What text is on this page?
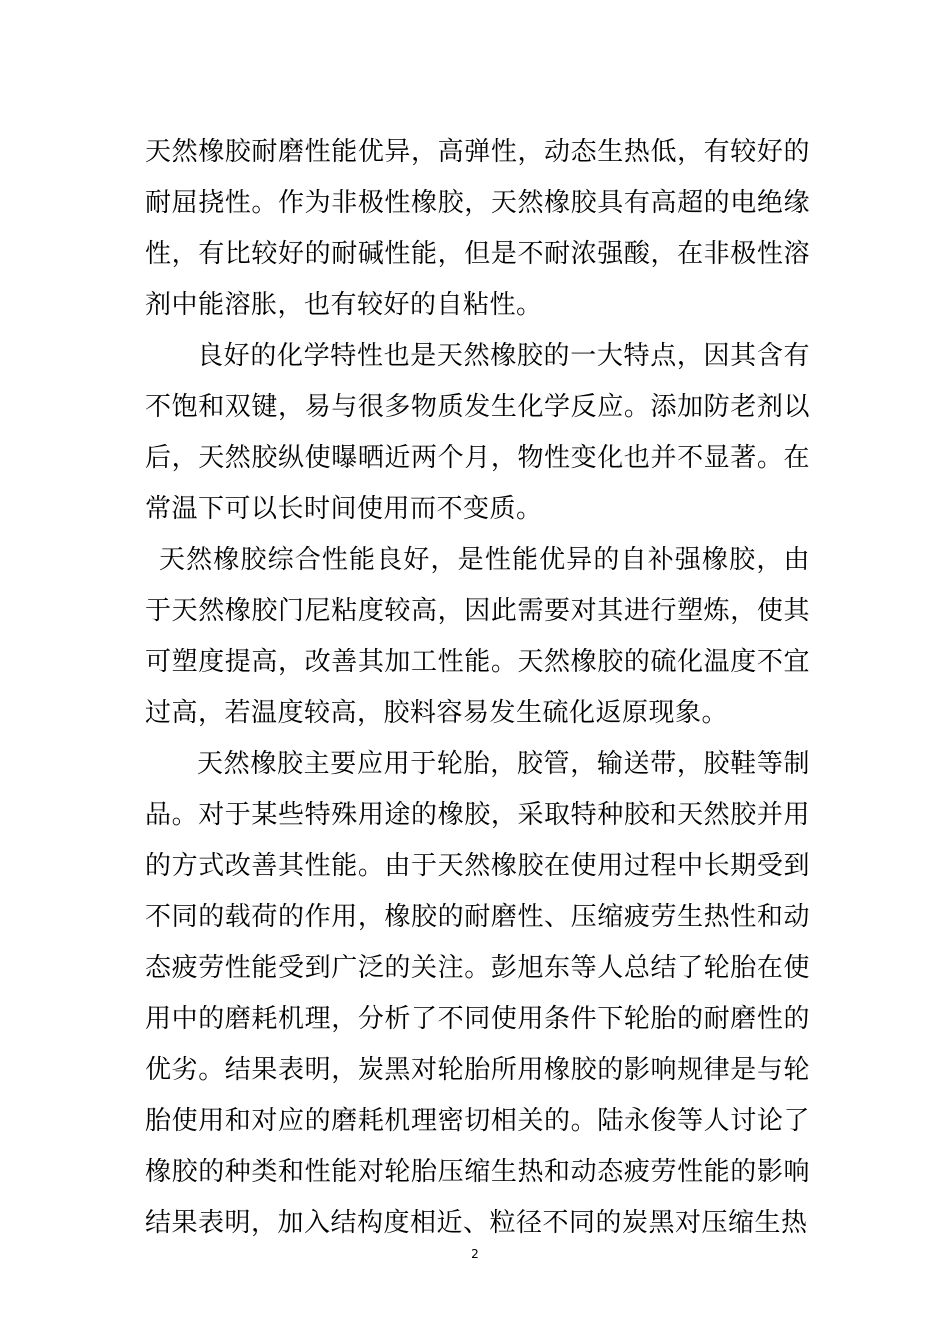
天然橡胶耐磨性能优异，高弹性，动态生热低，有较好的耐屈挠性。作为非极性橡胶，天然橡胶具有高超的电绝缘性，有比较好的耐碱性能，但是不耐浓强酸，在非极性溶剂中能溶胀，也有较好的自粘性。

良好的化学特性也是天然橡胶的一大特点，因其含有不饱和双键，易与很多物质发生化学反应。添加防老剂以后，天然胶纵使曝晒近两个月，物性变化也并不显著。在常温下可以长时间使用而不变质。

天然橡胶综合性能良好，是性能优异的自补强橡胶，由于天然橡胶门尼粘度较高，因此需要对其进行塑炼，使其可塑度提高，改善其加工性能。天然橡胶的硫化温度不宜过高，若温度较高，胶料容易发生硫化返原现象。

天然橡胶主要应用于轮胎，胶管，输送带，胶鞋等制品。对于某些特殊用途的橡胶，采取特种胶和天然胶并用的方式改善其性能。由于天然橡胶在使用过程中长期受到不同的载荷的作用，橡胶的耐磨性、压缩疲劳生热性和动态疲劳性能受到广泛的关注。彭旭东等人总结了轮胎在使用中的磨耗机理，分析了不同使用条件下轮胎的耐磨性的优劣。结果表明，炭黑对轮胎所用橡胶的影响规律是与轮胎使用和对应的磨耗机理密切相关的。陆永俊等人讨论了橡胶的种类和性能对轮胎压缩生热和动态疲劳性能的影响结果表明，加入结构度相近、粒径不同的炭黑对压缩生热

2
